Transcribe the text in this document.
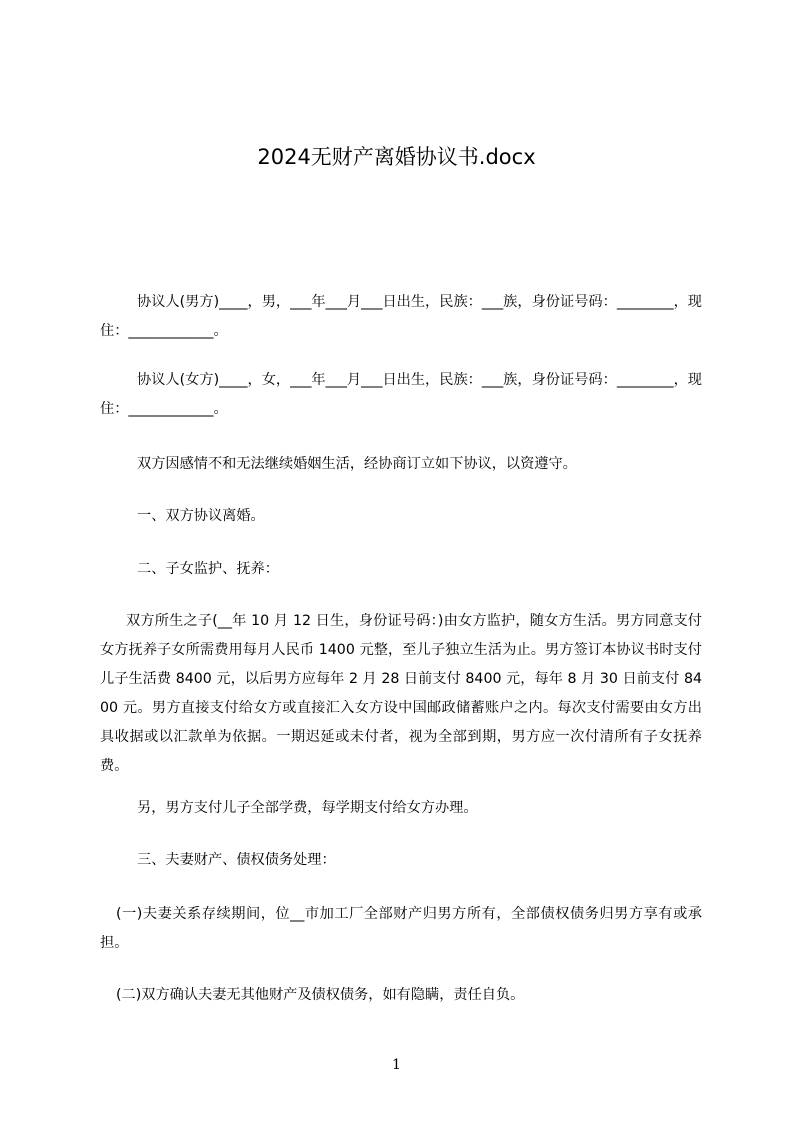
2024无财产离婚协议书.docx
协议人(男方)____，男，___年___月___日出生，民族：___族，身份证号码：________，现住：____________。
协议人(女方)____，女，___年___月___日出生，民族：___族，身份证号码：________，现住：____________。
双方因感情不和无法继续婚姻生活，经协商订立如下协议，以资遵守。
一、双方协议离婚。
二、子女监护、抚养：
双方所生之子(__年 10 月 12 日生，身份证号码：)由女方监护，随女方生活。男方同意支付女方抚养子女所需费用每月人民币 1400 元整，至儿子独立生活为止。男方签订本协议书时支付儿子生活费 8400 元，以后男方应每年 2 月 28 日前支付 8400 元，每年 8 月 30 日前支付 8400 元。男方直接支付给女方或直接汇入女方设中国邮政储蓄账户之内。每次支付需要由女方出具收据或以汇款单为依据。一期迟延或未付者，视为全部到期，男方应一次付清所有子女抚养费。
另，男方支付儿子全部学费，每学期支付给女方办理。
三、夫妻财产、债权债务处理：
(一)夫妻关系存续期间，位__市加工厂全部财产归男方所有，全部债权债务归男方享有或承担。
(二)双方确认夫妻无其他财产及债权债务，如有隐瞒，责任自负。
1
